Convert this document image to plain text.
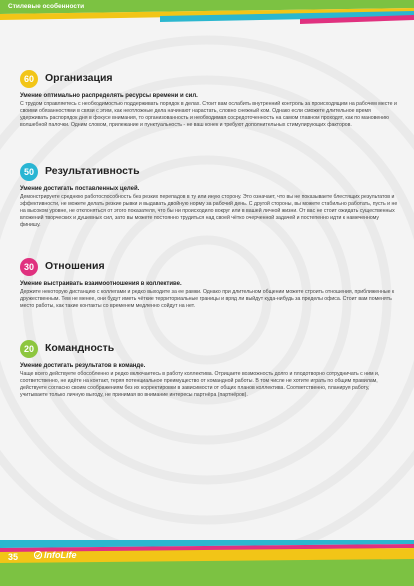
Стилевые особенности
60	Организация
Умение оптимально распределять ресурсы времени и сил.
С трудом справляетесь с необходимостью поддерживать порядок в делах. Стоит вам ослабить внутренний контроль за происходящим на рабочем месте и своими обязанностями в связи с этим, как неотложные дела начинают нарастать, словно снежный ком. Однако если сможете длительное время удерживать распорядок дня в фокусе внимания, то организованность и необходимая сосредоточенность на самом главном проходят, как по мановению волшебной палочки. Одним словом, прилежание и пунктуальность - не ваш конек и требуют дополнительных стимулирующих факторов.
50	Результативность
Умение достигать поставленных целей.
Демонстрируете среднюю работоспособность без резких перепадов в ту или иную сторону. Это означает, что вы не показываете блестящих результатов и эффективности, не можете делать резкие рывки и выдавать двойную норму за рабочий день. С другой стороны, вы можете стабильно работать, пусть и не на высоком уровне, не отклоняться от этого показателя, что бы ни происходило вокруг или в вашей личной жизни. От вас не стоит ожидать существенных вложений творческих и душевных сил, зато вы можете постоянно трудиться над своей чётко очерченной задачей и постепенно идти к намеченному финишу.
30	Отношения
Умение выстраивать взаимоотношения в коллективе.
Держите некоторую дистанцию с коллегами и редко выходите за ее рамки. Однако при длительном общении можете строить отношения, приближенные к дружественным. Тем не менее, они будут иметь чёткие территориальные границы и вряд ли выйдут куда-нибудь за пределы офиса. Стоит вам поменять место работы, как такие контакты со временем медленно сойдут на нет.
20	Командность
Умение достигать результатов в команде.
Чаще всего действуете обособленно и редко включаетесь в работу коллектива. Отрицаете возможность долго и плодотворно сотрудничать с ним и, соответственно, не идёте на контакт, теряя потенциальное преимущество от командной работы. В том числе не хотите играть по общим правилам, действуете согласно своим соображениям без их корректировки в зависимости от общих планов коллектива. Соответственно, планируя работу, учитываете только личную выгоду, не принимая во внимание интересы партнёра (партнёров).
35	InfoLife
